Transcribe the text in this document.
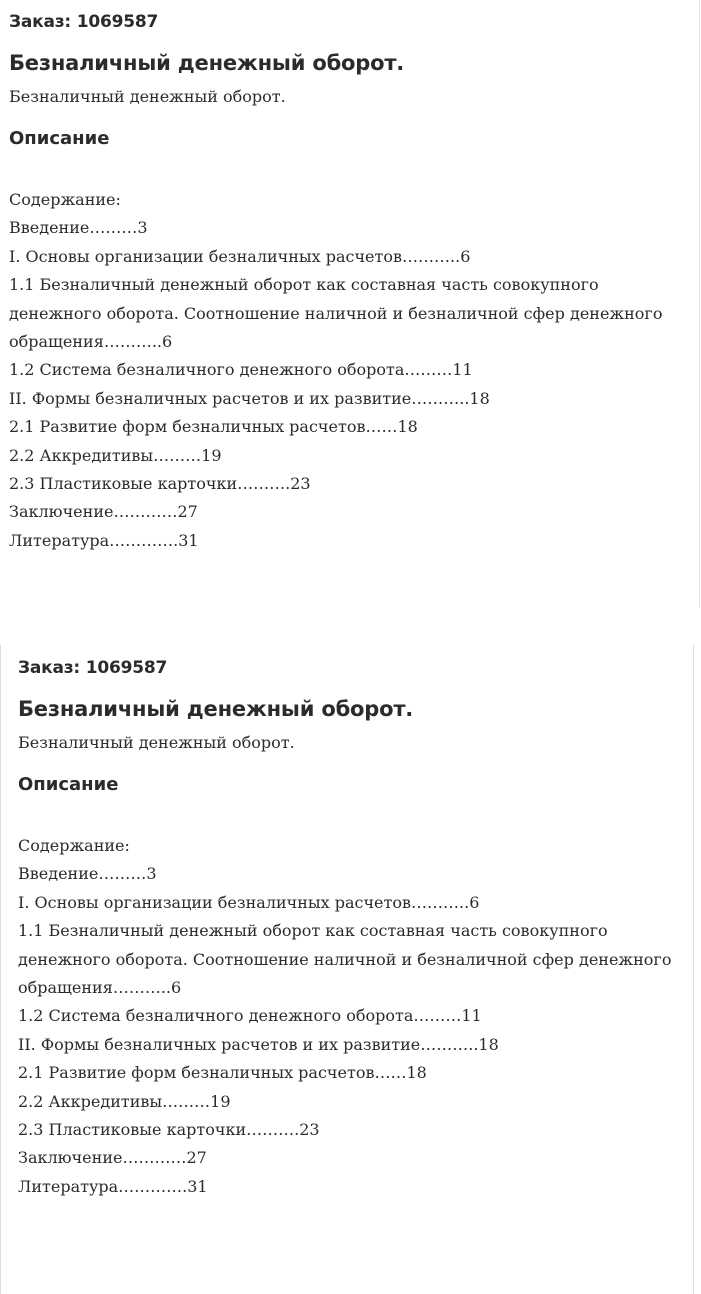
Заказ: 1069587

Безналичный денежный оборот.

Безналичный денежный оборот.

Описание
Содержание:
Введение………3
I. Основы организации безналичных расчетов………..6
1.1 Безналичный денежный оборот как составная часть совокупного денежного оборота. Соотношение наличной и безналичной сфер денежного обращения………..6
1.2 Система безналичного денежного оборота………11
II. Формы безналичных расчетов и их развитие………..18
2.1 Развитие форм безналичных расчетов……18
2.2 Аккредитивы………19
2.3 Пластиковые карточки……….23
Заключение…………27
Литература………….31

Заказ: 1069587

Безналичный денежный оборот.

Безналичный денежный оборот.

Описание
Содержание:
Введение………3
I. Основы организации безналичных расчетов………..6
1.1 Безналичный денежный оборот как составная часть совокупного денежного оборота. Соотношение наличной и безналичной сфер денежного обращения………..6
1.2 Система безналичного денежного оборота………11
II. Формы безналичных расчетов и их развитие………..18
2.1 Развитие форм безналичных расчетов……18
2.2 Аккредитивы………19
2.3 Пластиковые карточки……….23
Заключение…………27
Литература………….31
